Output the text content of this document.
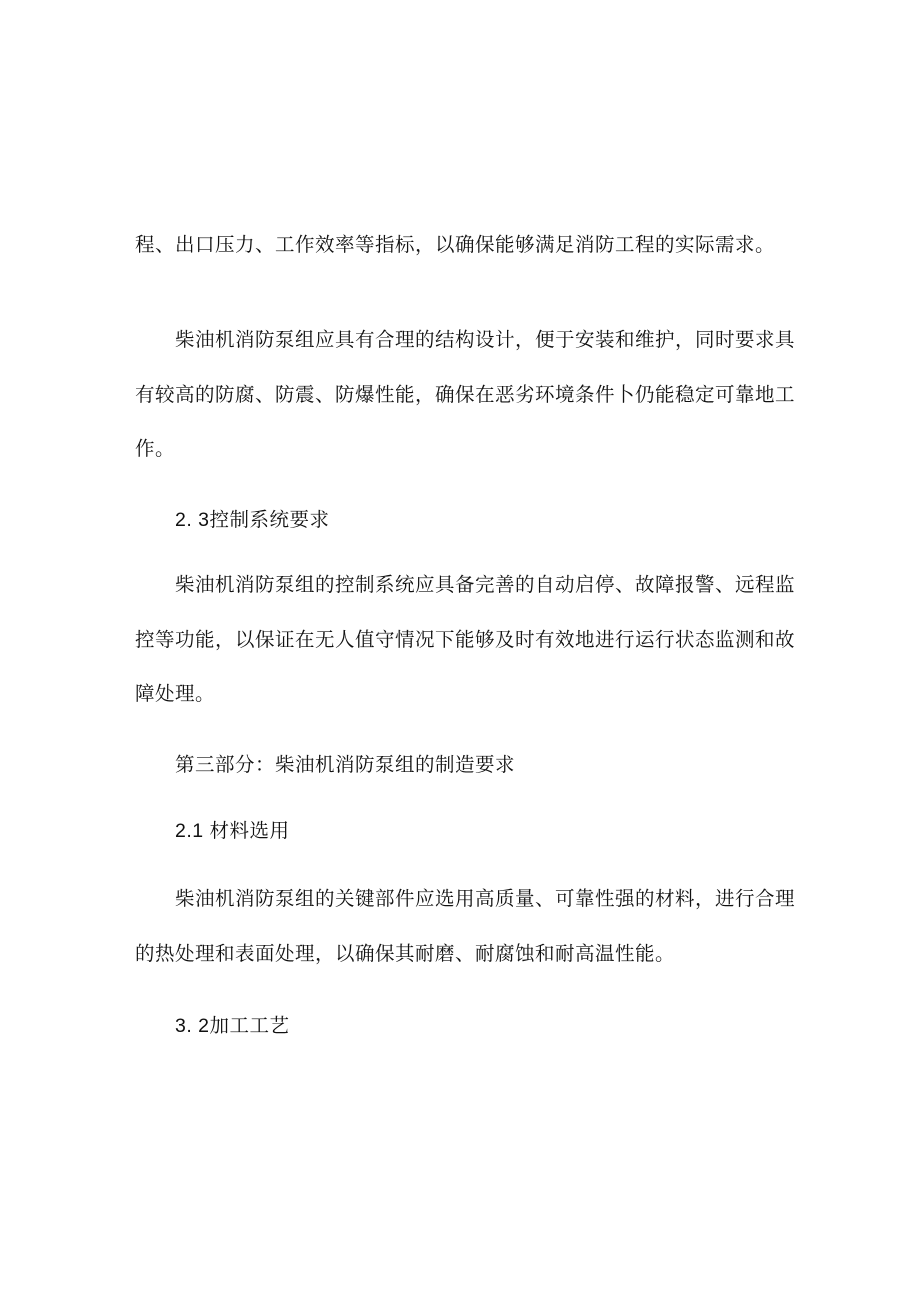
程、出口压力、工作效率等指标，以确保能够满足消防工程的实际需求。
柴油机消防泵组应具有合理的结构设计，便于安装和维护，同时要求具
有较高的防腐、防震、防爆性能，确保在恶劣环境条件卜仍能稳定可靠地工
作。
2. 3控制系统要求
柴油机消防泵组的控制系统应具备完善的自动启停、故障报警、远程监
控等功能，以保证在无人值守情况下能够及时有效地进行运行状态监测和故
障处理。
第三部分：柴油机消防泵组的制造要求
2.1 材料选用
柴油机消防泵组的关键部件应选用高质量、可靠性强的材料，进行合理
的热处理和表面处理，以确保其耐磨、耐腐蚀和耐高温性能。
3. 2加工工艺
